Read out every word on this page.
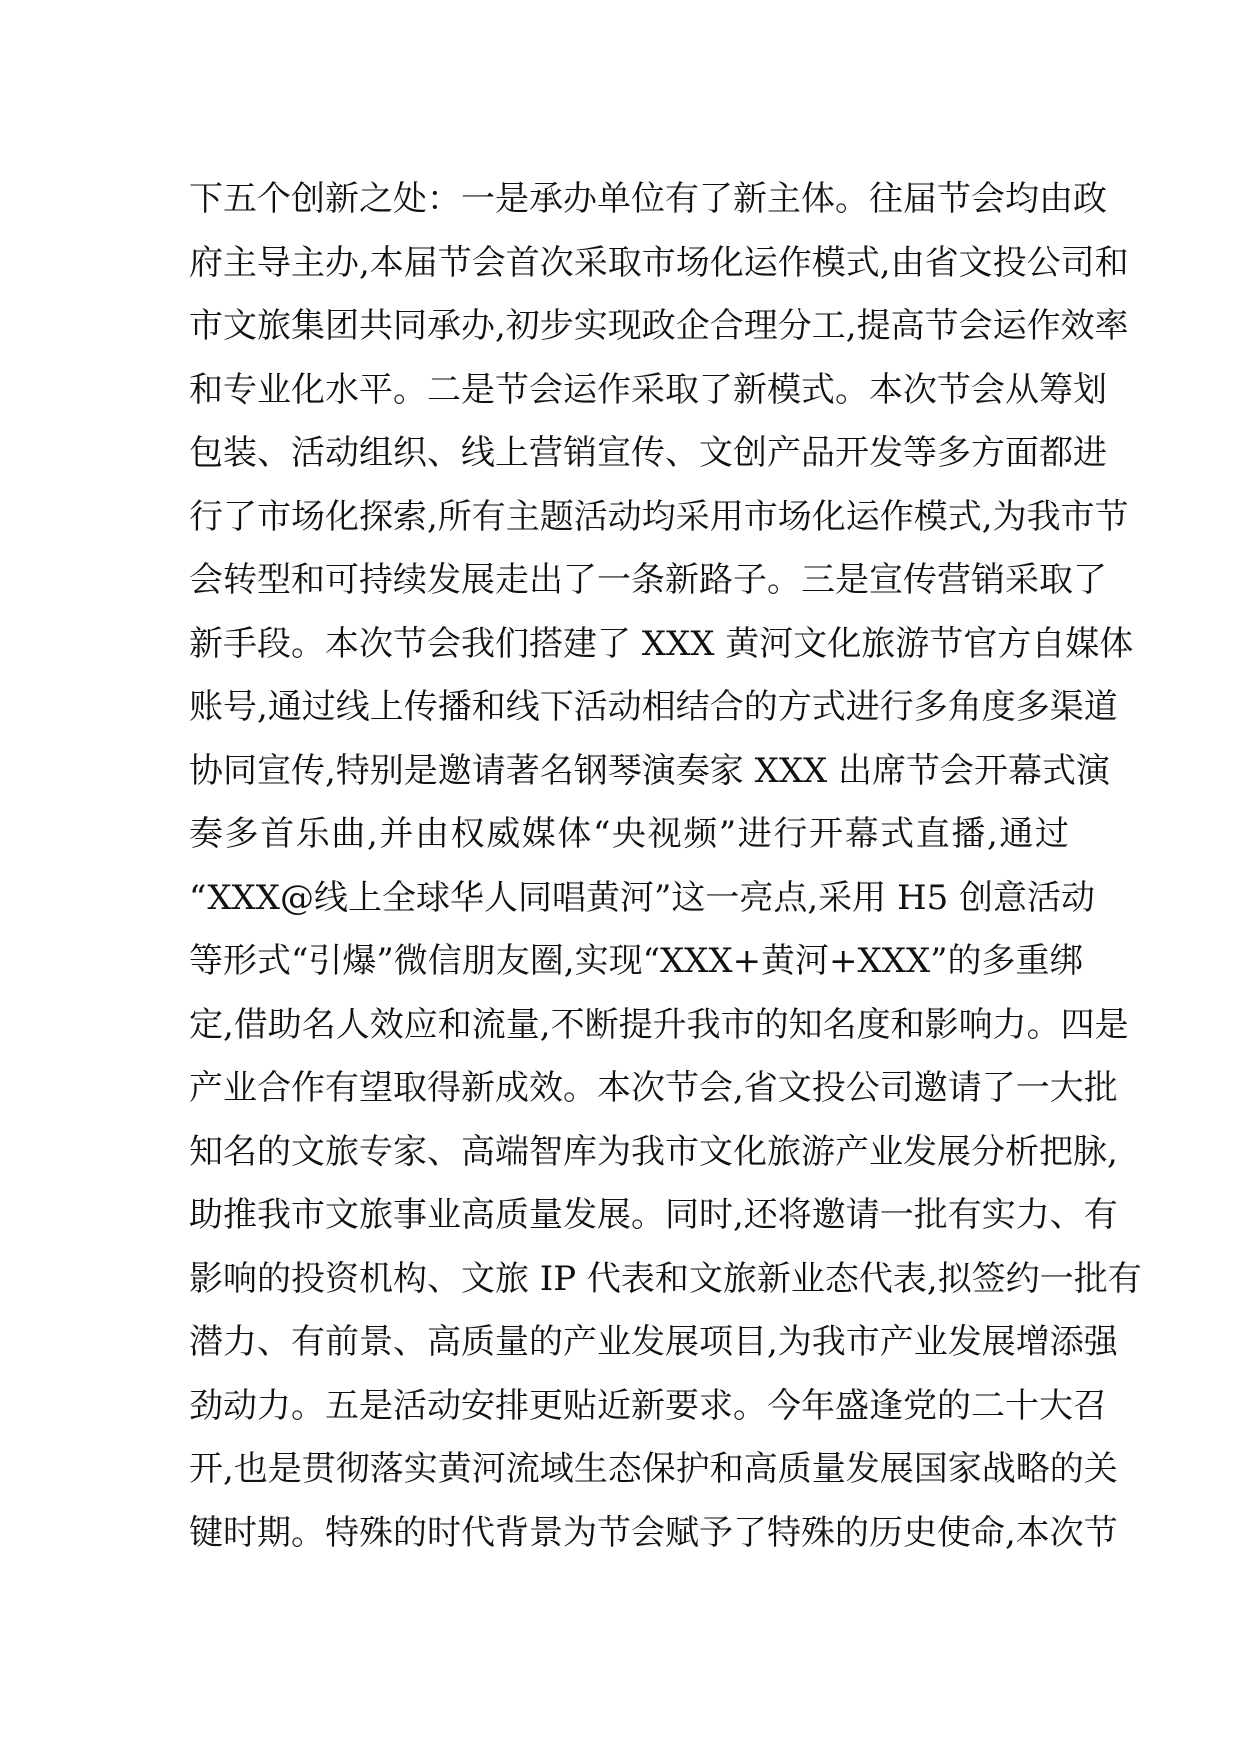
下五个创新之处：一是承办单位有了新主体。往届节会均由政
府主导主办,本届节会首次采取市场化运作模式,由省文投公司和
市文旅集团共同承办,初步实现政企合理分工,提高节会运作效率
和专业化水平。二是节会运作采取了新模式。本次节会从筹划
包装、活动组织、线上营销宣传、文创产品开发等多方面都进
行了市场化探索,所有主题活动均采用市场化运作模式,为我市节
会转型和可持续发展走出了一条新路子。三是宣传营销采取了
新手段。本次节会我们搭建了 XXX 黄河文化旅游节官方自媒体
账号,通过线上传播和线下活动相结合的方式进行多角度多渠道
协同宣传,特别是邀请著名钢琴演奏家 XXX 出席节会开幕式演
奏多首乐曲,并由权威媒体“央视频”进行开幕式直播,通过
“XXX@线上全球华人同唱黄河”这一亮点,采用 H5 创意活动
等形式“引爆”微信朋友圈,实现“XXX+黄河+XXX”的多重绑
定,借助名人效应和流量,不断提升我市的知名度和影响力。四是
产业合作有望取得新成效。本次节会,省文投公司邀请了一大批
知名的文旅专家、高端智库为我市文化旅游产业发展分析把脉,
助推我市文旅事业高质量发展。同时,还将邀请一批有实力、有
影响的投资机构、文旅 IP 代表和文旅新业态代表,拟签约一批有
潜力、有前景、高质量的产业发展项目,为我市产业发展增添强
劲动力。五是活动安排更贴近新要求。今年盛逢党的二十大召
开,也是贯彻落实黄河流域生态保护和高质量发展国家战略的关
键时期。特殊的时代背景为节会赋予了特殊的历史使命,本次节
